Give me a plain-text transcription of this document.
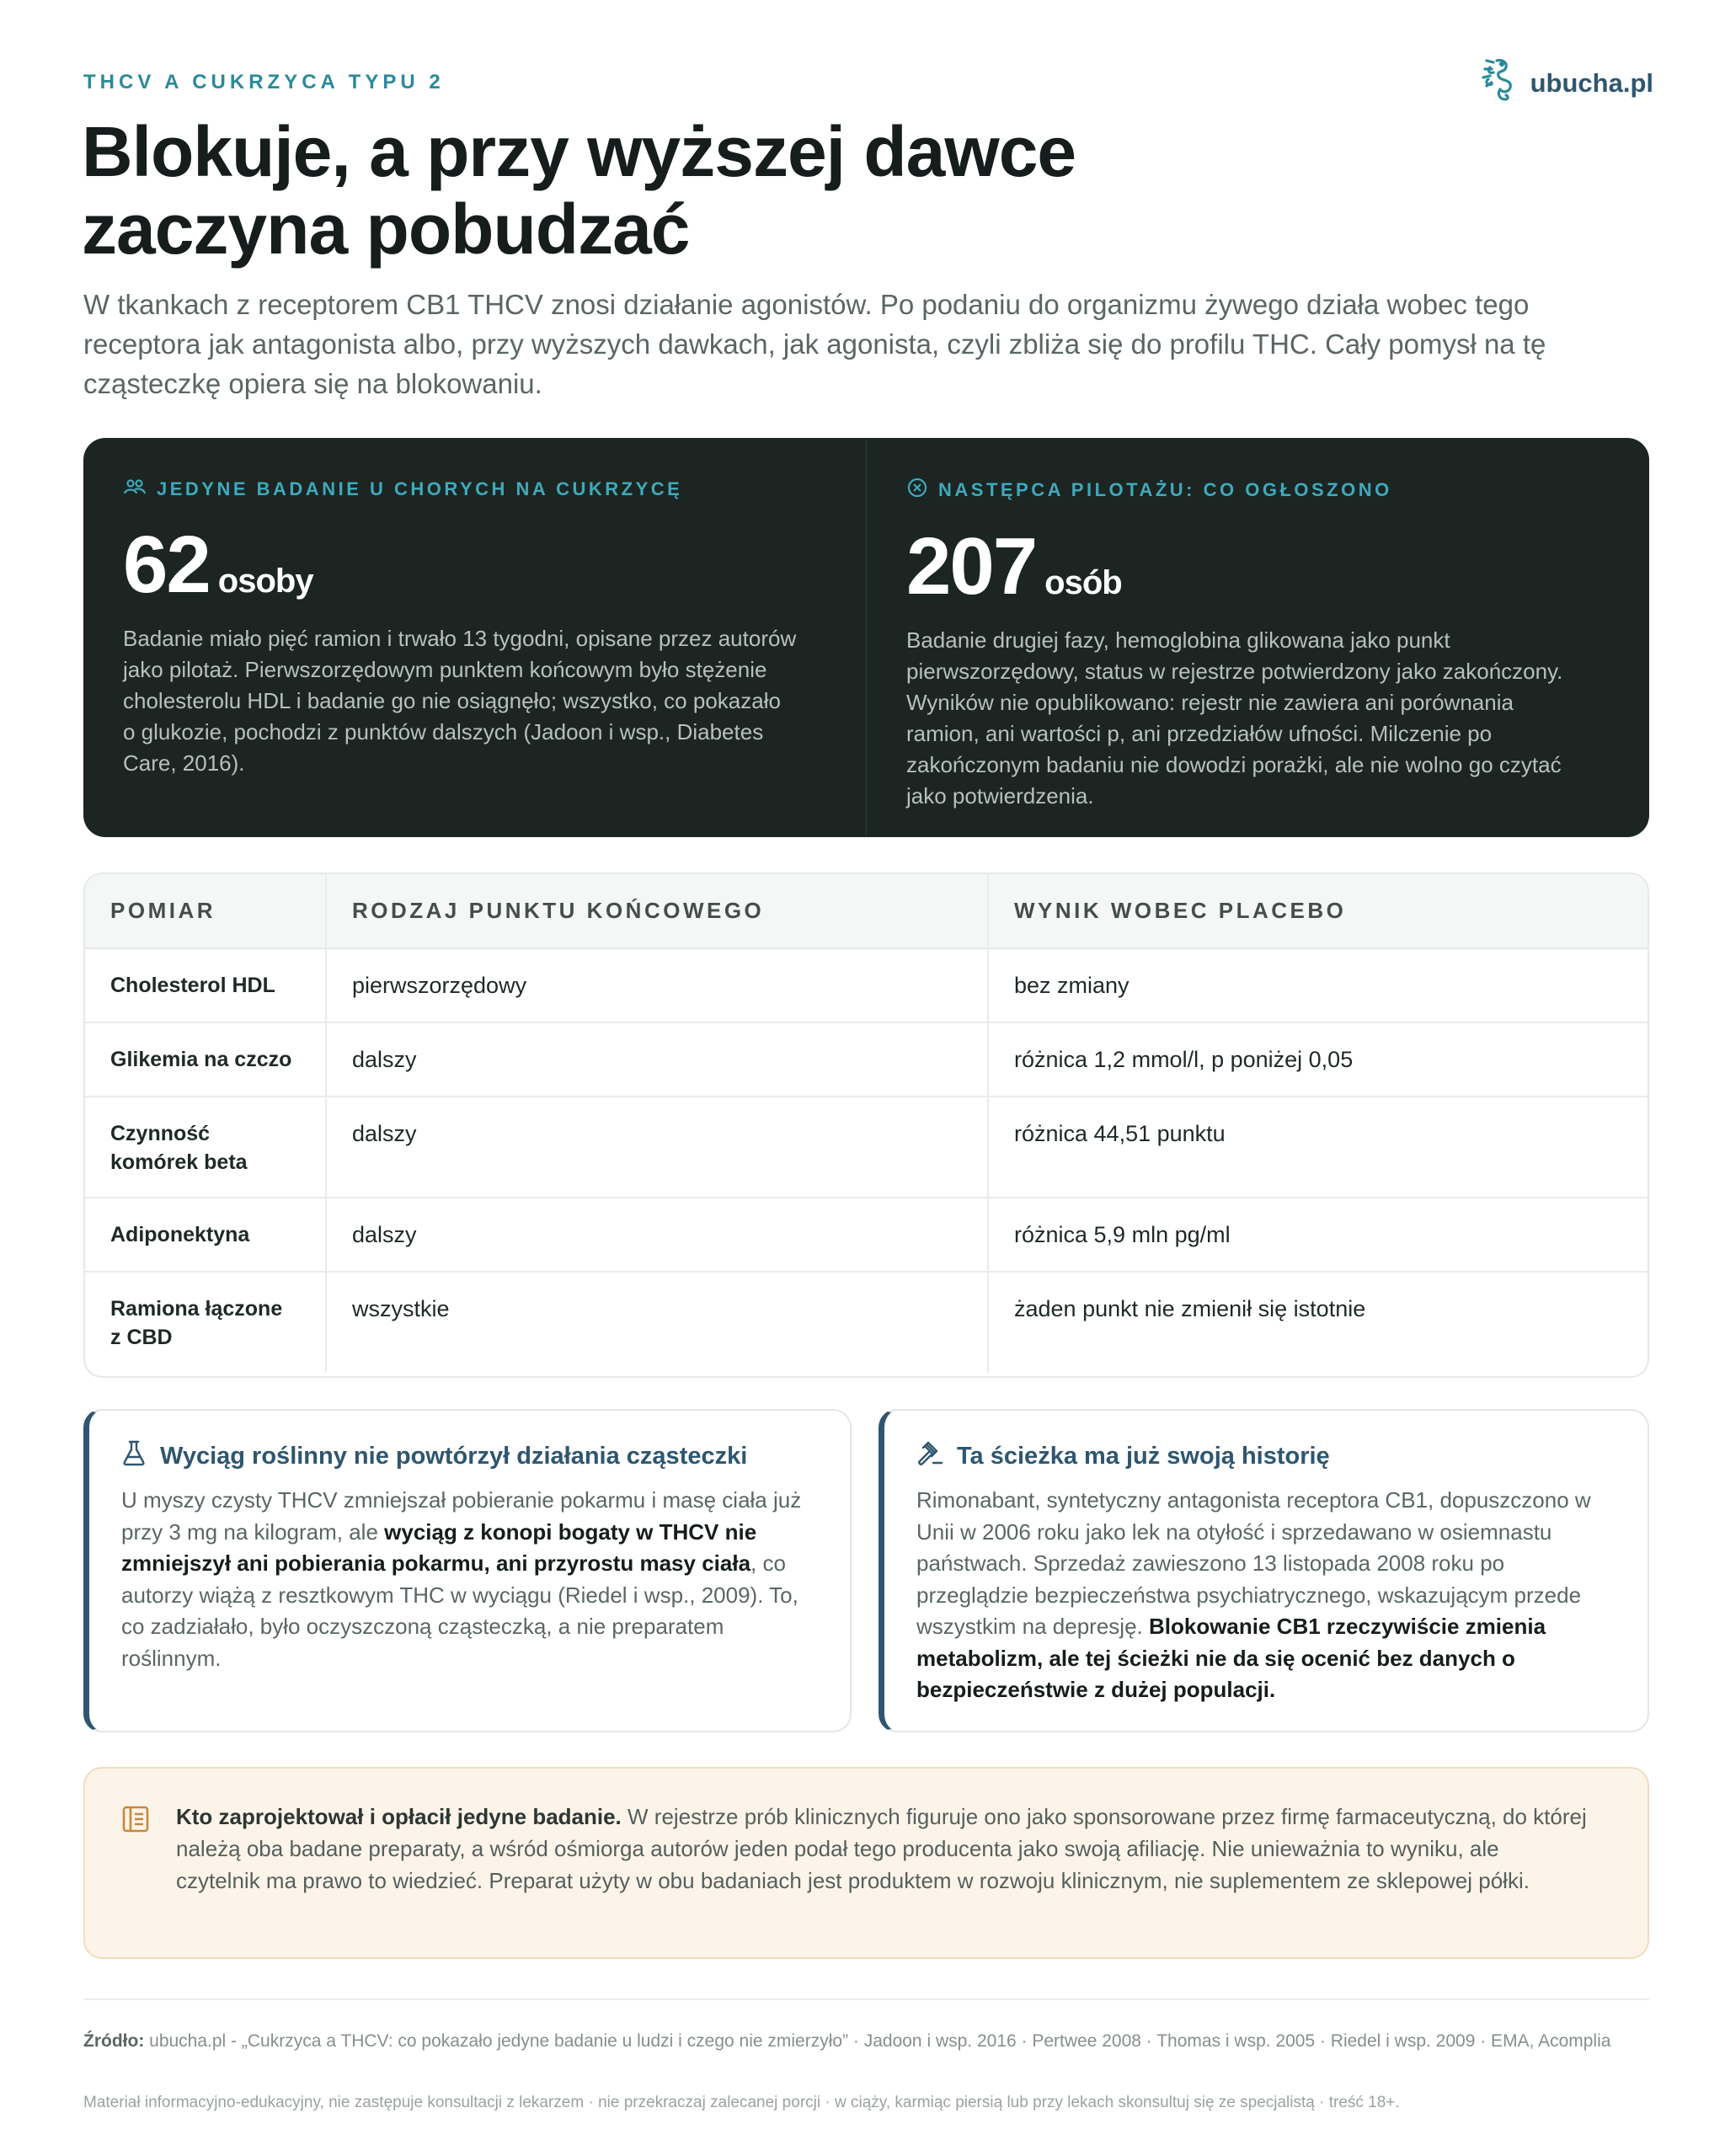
THCV A CUKRZYCA TYPU 2	ubucha.pl
Blokuje, a przy wyższej dawce
zaczyna pobudzać

W tkankach z receptorem CB1 THCV znosi działanie agonistów. Po podaniu do organizmu żywego działa wobec tego receptora jak antagonista albo, przy wyższych dawkach, jak agonista, czyli zbliża się do profilu THC. Cały pomysł na tę cząsteczkę opiera się na blokowaniu.

JEDYNE BADANIE U CHORYCH NA CUKRZYCĘ
62 osoby

Badanie miało pięć ramion i trwało 13 tygodni, opisane przez autorów jako pilotaż. Pierwszorzędowym punktem końcowym było stężenie cholesterolu HDL i badanie go nie osiągnęło; wszystko, co pokazało o glukozie, pochodzi z punktów dalszych (Jadoon i wsp., Diabetes Care, 2016).

NASTĘPCA PILOTAŻU: CO OGŁOSZONO
207 osób

Badanie drugiej fazy, hemoglobina glikowana jako punkt pierwszorzędowy, status w rejestrze potwierdzony jako zakończony. Wyników nie opublikowano: rejestr nie zawiera ani porównania ramion, ani wartości p, ani przedziałów ufności. Milczenie po zakończonym badaniu nie dowodzi porażki, ale nie wolno go czytać jako potwierdzenia.

POMIAR	RODZAJ PUNKTU KOŃCOWEGO	WYNIK WOBEC PLACEBO
Cholesterol HDL	pierwszorzędowy	bez zmiany
Glikemia na czczo	dalszy	różnica 1,2 mmol/l, p poniżej 0,05
Czynność komórek beta	dalszy	różnica 44,51 punktu
Adiponektyna	dalszy	różnica 5,9 mln pg/ml
Ramiona łączone z CBD	wszystkie	żaden punkt nie zmienił się istotnie
Wyciąg roślinny nie powtórzył działania cząsteczki

U myszy czysty THCV zmniejszał pobieranie pokarmu i masę ciała już przy 3 mg na kilogram, ale wyciąg z konopi bogaty w THCV nie zmniejszył ani pobierania pokarmu, ani przyrostu masy ciała, co autorzy wiążą z resztkowym THC w wyciągu (Riedel i wsp., 2009). To, co zadziałało, było oczyszczoną cząsteczką, a nie preparatem roślinnym.

Ta ścieżka ma już swoją historię

Rimonabant, syntetyczny antagonista receptora CB1, dopuszczono w Unii w 2006 roku jako lek na otyłość i sprzedawano w osiemnastu państwach. Sprzedaż zawieszono 13 listopada 2008 roku po przeglądzie bezpieczeństwa psychiatrycznego, wskazującym przede wszystkim na depresję. Blokowanie CB1 rzeczywiście zmienia metabolizm, ale tej ścieżki nie da się ocenić bez danych o bezpieczeństwie z dużej populacji.

Kto zaprojektował i opłacił jedyne badanie. W rejestrze prób klinicznych figuruje ono jako sponsorowane przez firmę farmaceutyczną, do której należą oba badane preparaty, a wśród ośmiorga autorów jeden podał tego producenta jako swoją afiliację. Nie unieważnia to wyniku, ale czytelnik ma prawo to wiedzieć. Preparat użyty w obu badaniach jest produktem w rozwoju klinicznym, nie suplementem ze sklepowej półki.

Źródło: ubucha.pl - „Cukrzyca a THCV: co pokazało jedyne badanie u ludzi i czego nie zmierzyło” · Jadoon i wsp. 2016 · Pertwee 2008 · Thomas i wsp. 2005 · Riedel i wsp. 2009 · EMA, Acomplia

Materiał informacyjno-edukacyjny, nie zastępuje konsultacji z lekarzem · nie przekraczaj zalecanej porcji · w ciąży, karmiąc piersią lub przy lekach skonsultuj się ze specjalistą · treść 18+.
